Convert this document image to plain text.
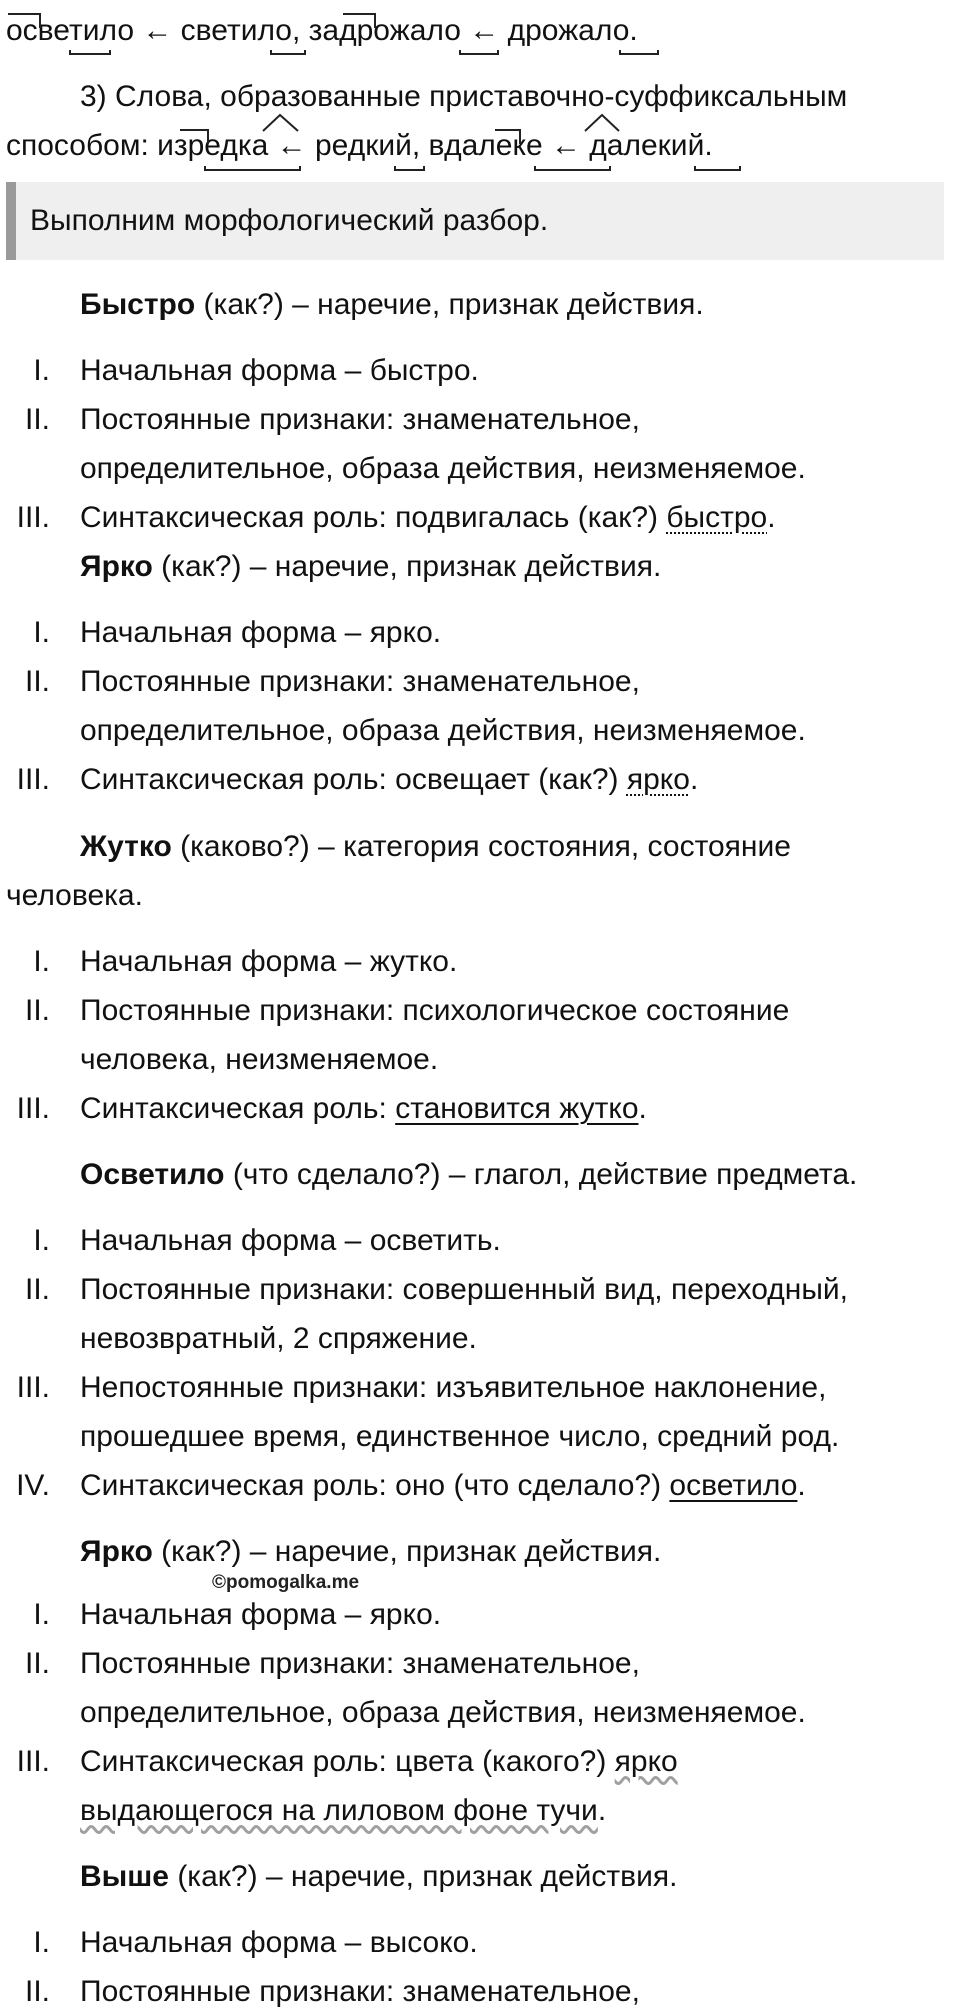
осветило ← светило, задрожало ← дрожало.
3) Слова, образованные приставочно-суффиксальным
способом: изредка ← редкий, вдалеке ← далекий.
Выполним морфологический разбор.
Быстро (как?) – наречие, признак действия.
I. Начальная форма – быстро.
II. Постоянные признаки: знаменательное,
определительное, образа действия, неизменяемое.
III. Синтаксическая роль: подвигалась (как?) быстро.
Ярко (как?) – наречие, признак действия.
I. Начальная форма – ярко.
II. Постоянные признаки: знаменательное,
определительное, образа действия, неизменяемое.
III. Синтаксическая роль: освещает (как?) ярко.
Жутко (каково?) – категория состояния, состояние
человека.
I. Начальная форма – жутко.
II. Постоянные признаки: психологическое состояние
человека, неизменяемое.
III. Синтаксическая роль: становится жутко.
Осветило (что сделало?) – глагол, действие предмета.
I. Начальная форма – осветить.
II. Постоянные признаки: совершенный вид, переходный,
невозвратный, 2 спряжение.
III. Непостоянные признаки: изъявительное наклонение,
прошедшее время, единственное число, средний род.
IV. Синтаксическая роль: оно (что сделало?) осветило.
Ярко (как?) – наречие, признак действия.
I. Начальная форма – ярко.
II. Постоянные признаки: знаменательное,
определительное, образа действия, неизменяемое.
III. Синтаксическая роль: цвета (какого?) ярко
выдающегося на лиловом фоне тучи.
Выше (как?) – наречие, признак действия.
I. Начальная форма – высоко.
II. Постоянные признаки: знаменательное,
©pomogalka.me
